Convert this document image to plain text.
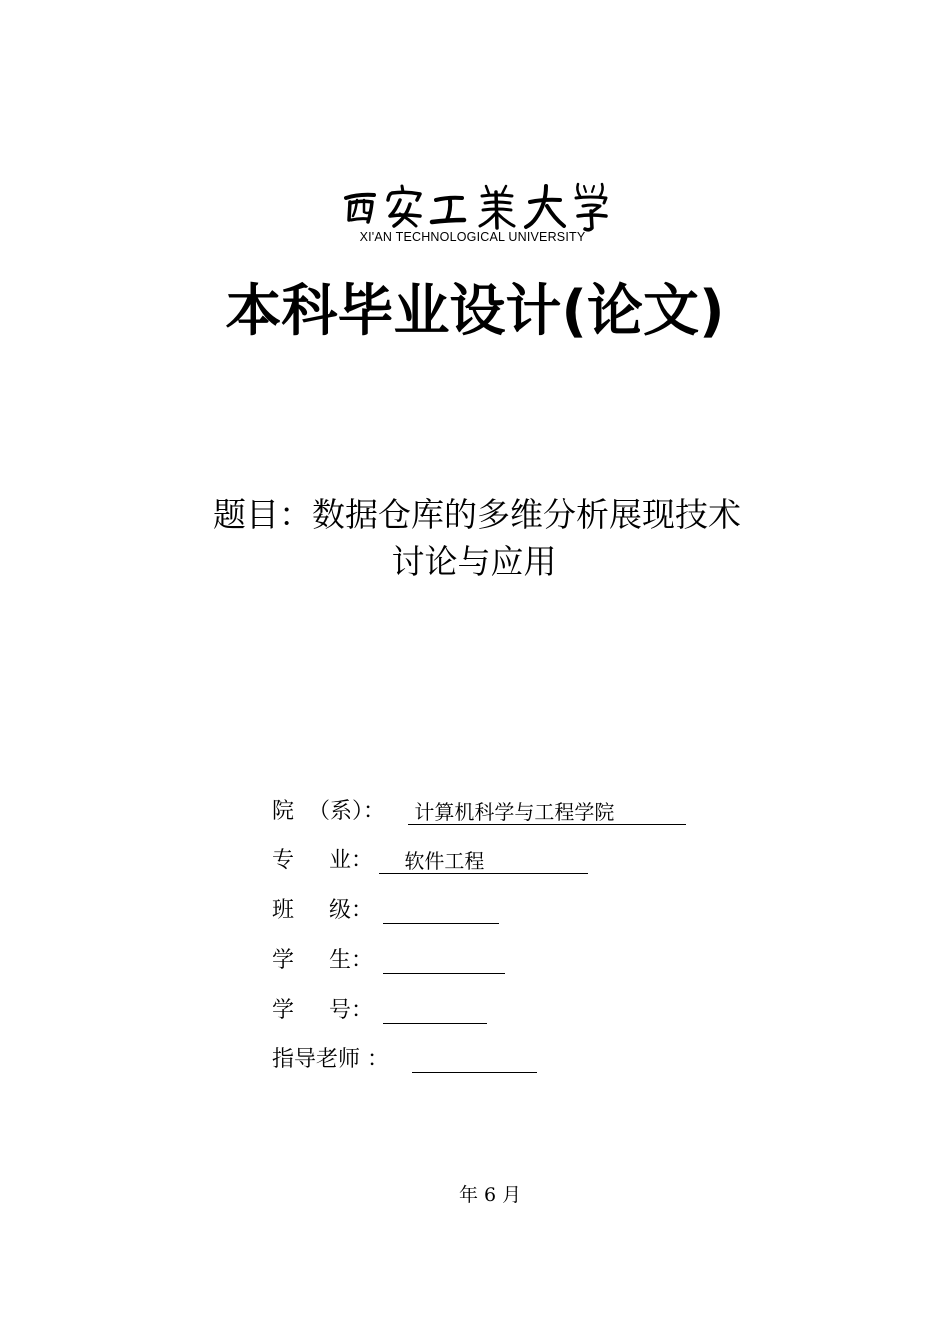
XI'AN TECHNOLOGICAL UNIVERSITY
本科毕业设计(论文)
题目：数据仓库的多维分析展现技术
讨论与应用
院  （系）： 计算机科学与工程学院
专     业： 软件工程
班     级：
学     生：
学     号：
指导老师 ：
年 6 月
